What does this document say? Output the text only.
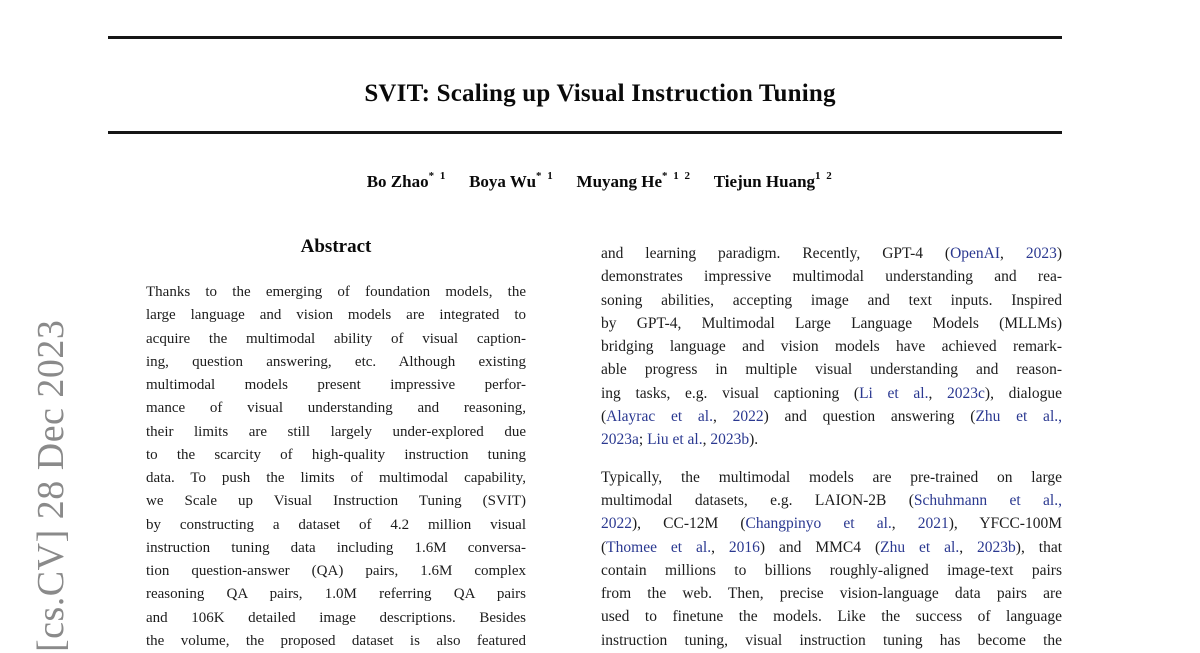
[cs.CV] 28 Dec 2023
SVIT: Scaling up Visual Instruction Tuning
Bo Zhao$^{* 1}$ Boya Wu$^{* 1}$ Muyang $He^{* 1 2}$ Tiejun Huang$^{1 2}$
Abstract
Thanks to the emerging of foundation models, the
large language and vision models are integrated to
acquire the multimodal ability of visual caption-
ing, question answering, etc. Although existing
multimodal models present impressive perfor-
mance of visual understanding and reasoning,
their limits are still largely under-explored due
to the scarcity of high-quality instruction tuning
data. To push the limits of multimodal capability,
we Scale up Visual Instruction Tuning (SVIT)
by constructing a dataset of 4.2 million visual
instruction tuning data including 1.6M conversa-
tion question-answer (QA) pairs, 1.6M complex
reasoning QA pairs, 1.0M referring QA pairs
and 106K detailed image descriptions. Besides
the volume, the proposed dataset is also featured
and learning paradigm. Recently, GPT-4 (OpenAI, 2023)
demonstrates impressive multimodal understanding and rea-
soning abilities, accepting image and text inputs. Inspired
by GPT-4, Multimodal Large Language Models (MLLMs)
bridging language and vision models have achieved remark-
able progress in multiple visual understanding and reason-
ing tasks, e.g. visual captioning (Li et al., 2023c), dialogue
(Alayrac et al., 2022) and question answering (Zhu et al.,
2023a; Liu et al., 2023b).
Typically, the multimodal models are pre-trained on large
multimodal datasets, e.g. LAION-2B (Schuhmann et al.,
2022), CC-12M (Changpinyo et al., 2021), YFCC-100M
(Thomee et al., 2016) and MMC4 (Zhu et al., 2023b), that
contain millions to billions roughly-aligned image-text pairs
from the web. Then, precise vision-language data pairs are
used to finetune the models. Like the success of language
instruction tuning, visual instruction tuning has become the
